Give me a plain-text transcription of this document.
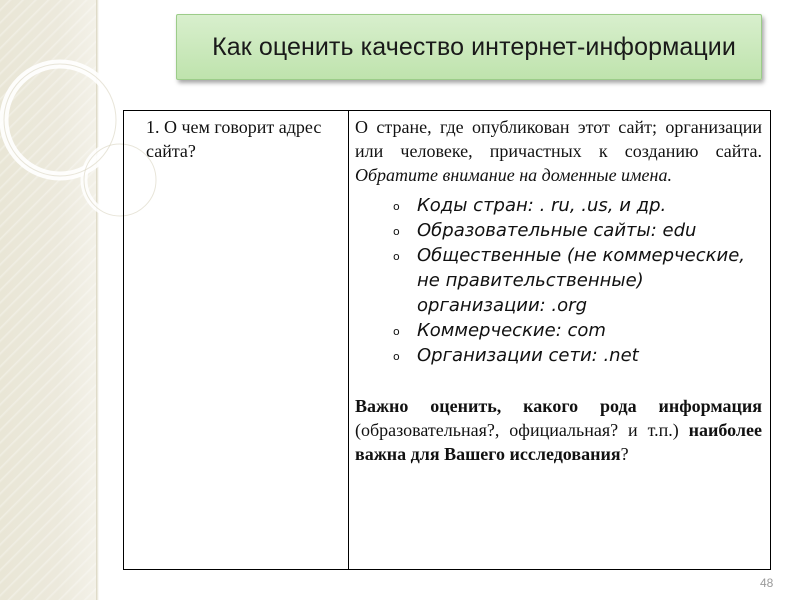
Как оценить качество интернет-информации
1. О чем говорит адрес сайта?
О стране, где опубликован этот сайт; организации или человеке, причастных к созданию сайта. Обратите внимание на доменные имена.
o Коды стран: . ru, .us, и др.
o Образовательные сайты: edu
o Общественные (не коммерческие, не правительственные) организации: .org
o Коммерческие: com
o Организации сети: .net
Важно оценить, какого рода информация (образовательная?, официальная? и т.п.) наиболее важна для Вашего исследования?
48
